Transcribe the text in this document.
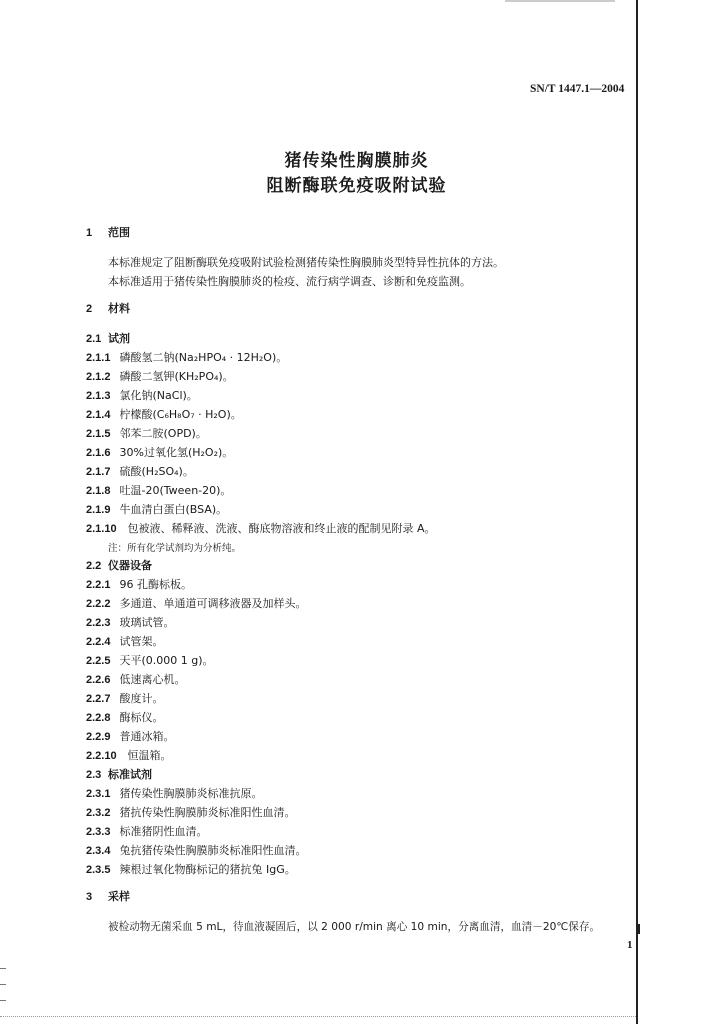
SN/T 1447.1—2004
猪传染性胸膜肺炎
阻断酶联免疫吸附试验
1 范围
本标准规定了阻断酶联免疫吸附试验检测猪传染性胸膜肺炎型特异性抗体的方法。
本标准适用于猪传染性胸膜肺炎的检疫、流行病学调查、诊断和免疫监测。
2 材料
2.1 试剂
2.1.1 磷酸氢二钠(Na₂HPO₄ · 12H₂O)。
2.1.2 磷酸二氢钾(KH₂PO₄)。
2.1.3 氯化钠(NaCl)。
2.1.4 柠檬酸(C₆H₈O₇ · H₂O)。
2.1.5 邻苯二胺(OPD)。
2.1.6 30%过氧化氢(H₂O₂)。
2.1.7 硫酸(H₂SO₄)。
2.1.8 吐温-20(Tween-20)。
2.1.9 牛血清白蛋白(BSA)。
2.1.10 包被液、稀释液、洗液、酶底物溶液和终止液的配制见附录 A。
注：所有化学试剂均为分析纯。
2.2 仪器设备
2.2.1 96 孔酶标板。
2.2.2 多通道、单通道可调移液器及加样头。
2.2.3 玻璃试管。
2.2.4 试管架。
2.2.5 天平(0.000 1 g)。
2.2.6 低速离心机。
2.2.7 酸度计。
2.2.8 酶标仪。
2.2.9 普通冰箱。
2.2.10 恒温箱。
2.3 标准试剂
2.3.1 猪传染性胸膜肺炎标准抗原。
2.3.2 猪抗传染性胸膜肺炎标准阳性血清。
2.3.3 标准猪阴性血清。
2.3.4 兔抗猪传染性胸膜肺炎标准阳性血清。
2.3.5 辣根过氧化物酶标记的猪抗兔 IgG。
3 采样
被检动物无菌采血 5 mL，待血液凝固后，以 2 000 r/min 离心 10 min，分离血清，血清－20℃保存。
1
